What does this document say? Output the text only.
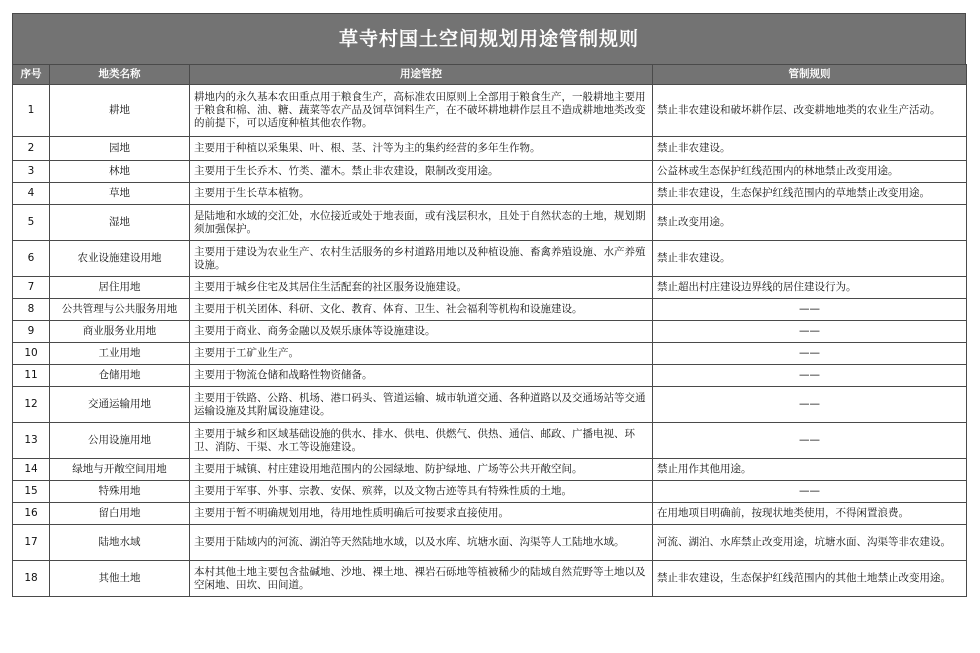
草寺村国土空间规划用途管制规则
序号	地类名称	用途管控	管制规则
1	耕地	耕地内的永久基本农田重点用于粮食生产，高标准农田原则上全部用于粮食生产，一般耕地主要用于粮食和棉、油、糖、蔬菜等农产品及饲草饲料生产，在不破坏耕地耕作层且不造成耕地地类改变的前提下，可以适度种植其他农作物。	禁止非农建设和破坏耕作层、改变耕地地类的农业生产活动。
2	园地	主要用于种植以采集果、叶、根、茎、汁等为主的集约经营的多年生作物。	禁止非农建设。
3	林地	主要用于生长乔木、竹类、灌木。禁止非农建设，限制改变用途。	公益林或生态保护红线范围内的林地禁止改变用途。
4	草地	主要用于生长草本植物。	禁止非农建设，生态保护红线范围内的草地禁止改变用途。
5	湿地	是陆地和水域的交汇处，水位接近或处于地表面，或有浅层积水，且处于自然状态的土地，规划期须加强保护。	禁止改变用途。
6	农业设施建设用地	主要用于建设为农业生产、农村生活服务的乡村道路用地以及种植设施、畜禽养殖设施、水产养殖设施。	禁止非农建设。
7	居住用地	主要用于城乡住宅及其居住生活配套的社区服务设施建设。	禁止超出村庄建设边界线的居住建设行为。
8	公共管理与公共服务用地	主要用于机关团体、科研、文化、教育、体育、卫生、社会福利等机构和设施建设。	——
9	商业服务业用地	主要用于商业、商务金融以及娱乐康体等设施建设。	——
10	工业用地	主要用于工矿业生产。	——
11	仓储用地	主要用于物流仓储和战略性物资储备。	——
12	交通运输用地	主要用于铁路、公路、机场、港口码头、管道运输、城市轨道交通、各种道路以及交通场站等交通运输设施及其附属设施建设。	——
13	公用设施用地	主要用于城乡和区域基础设施的供水、排水、供电、供燃气、供热、通信、邮政、广播电视、环卫、消防、干渠、水工等设施建设。	——
14	绿地与开敞空间用地	主要用于城镇、村庄建设用地范围内的公园绿地、防护绿地、广场等公共开敞空间。	禁止用作其他用途。
15	特殊用地	主要用于军事、外事、宗教、安保、殡葬，以及文物古迹等具有特殊性质的土地。	——
16	留白用地	主要用于暂不明确规划用地，待用地性质明确后可按要求直接使用。	在用地项目明确前，按现状地类使用，不得闲置浪费。
17	陆地水域	主要用于陆域内的河流、湖泊等天然陆地水域，以及水库、坑塘水面、沟渠等人工陆地水域。	河流、湖泊、水库禁止改变用途，坑塘水面、沟渠等非农建设。
18	其他土地	本村其他土地主要包含盐碱地、沙地、裸土地、裸岩石砾地等植被稀少的陆域自然荒野等土地以及空闲地、田坎、田间道。	禁止非农建设，生态保护红线范围内的其他土地禁止改变用途。
